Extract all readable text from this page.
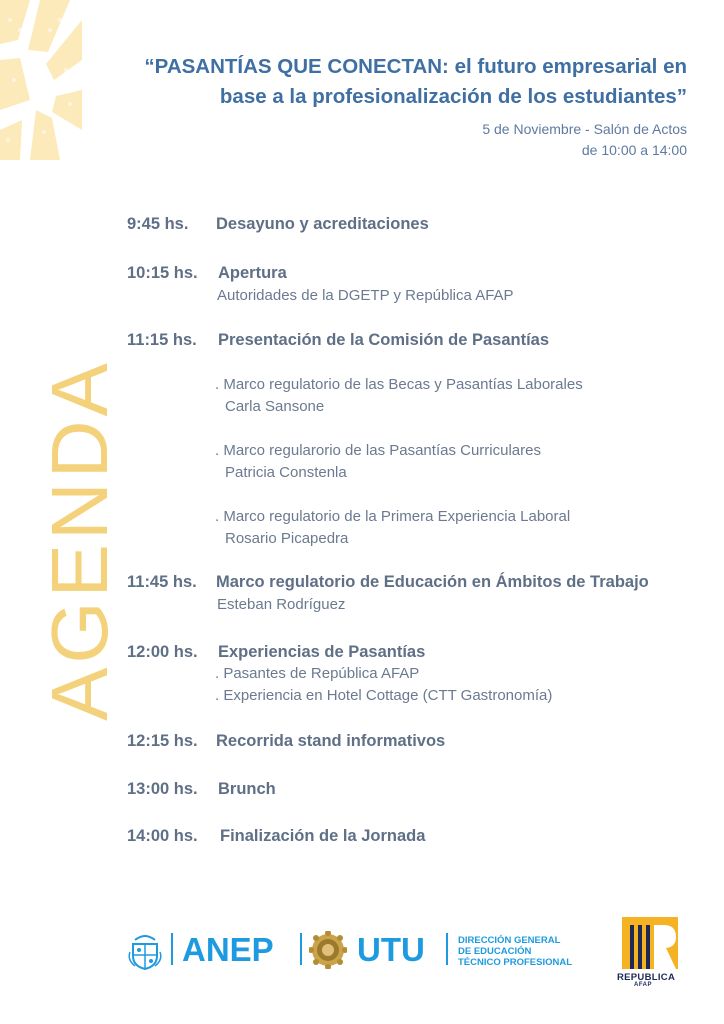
AGENDA
“PASANTÍAS QUE CONECTAN: el futuro empresarial en
base a la profesionalización de los estudiantes”
5 de Noviembre - Salón de Actos
de 10:00 a 14:00
9:45 hs. Desayuno y acreditaciones
10:15 hs. Apertura
Autoridades de la DGETP y República AFAP
11:15 hs. Presentación de la Comisión de Pasantías
. Marco regulatorio de las Becas y Pasantías Laborales
Carla Sansone
. Marco regularorio de las Pasantías Curriculares
Patricia Constenla
. Marco regulatorio de la Primera Experiencia Laboral
Rosario Picapedra
11:45 hs. Marco regulatorio de Educación en Ámbitos de Trabajo
Esteban Rodríguez
12:00 hs. Experiencias de Pasantías
. Pasantes de República AFAP
. Experiencia en Hotel Cottage (CTT Gastronomía)
12:15 hs. Recorrida stand informativos
13:00 hs. Brunch
14:00 hs. Finalización de la Jornada
ANEP	UTU	DIRECCIÓN GENERAL
DE EDUCACIÓN
TÉCNICO PROFESIONAL
REPUBLICA
AFAP
